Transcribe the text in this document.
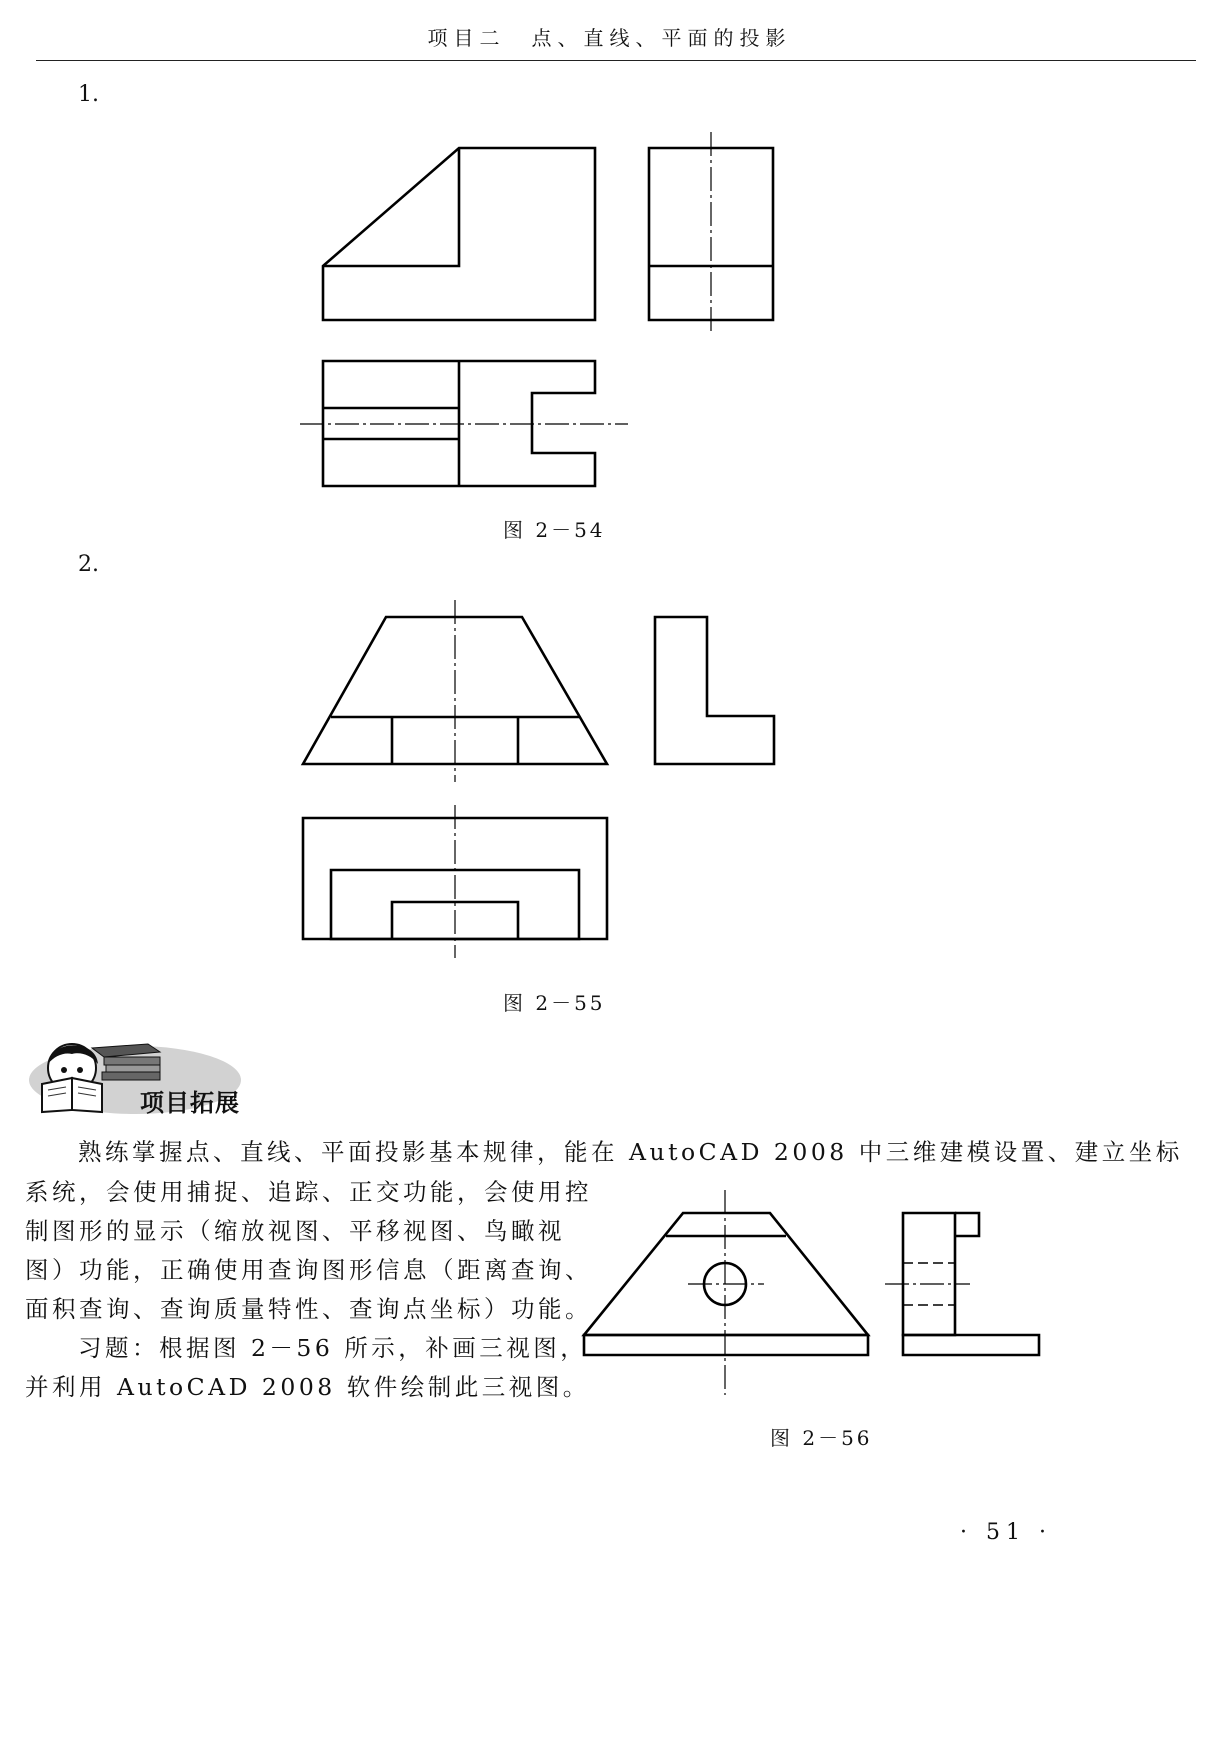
项目二　点、直线、平面的投影
1.
图 2－54
2.
图 2－55
项目拓展
熟练掌握点、直线、平面投影基本规律，能在 AutoCAD 2008 中三维建模设置、建立坐标
系统，会使用捕捉、追踪、正交功能，会使用控
制图形的显示（缩放视图、平移视图、鸟瞰视
图）功能，正确使用查询图形信息（距离查询、
面积查询、查询质量特性、查询点坐标）功能。
习题：根据图 2－56 所示，补画三视图，
并利用 AutoCAD 2008 软件绘制此三视图。
图 2－56
· 51 ·
